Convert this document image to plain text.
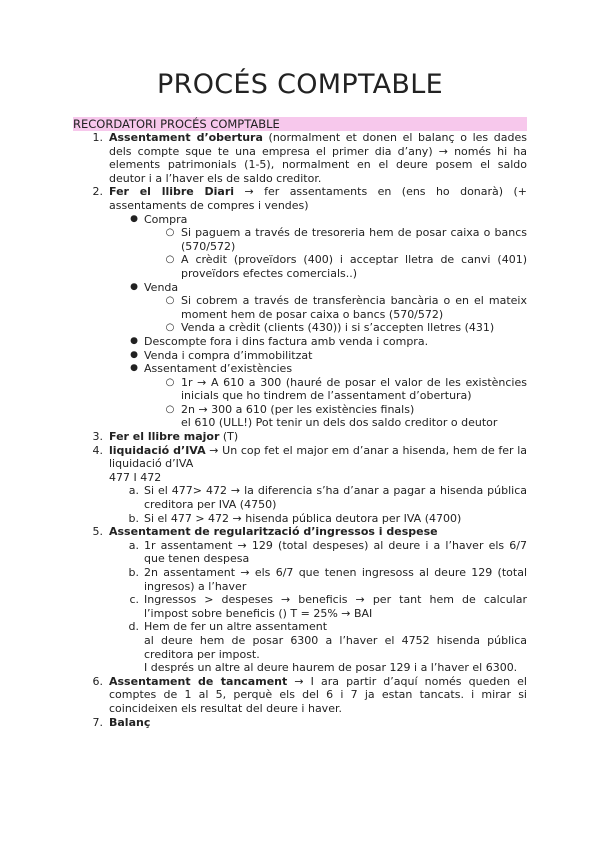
PROCÉS COMPTABLE
RECORDATORI PROCÉS COMPTABLE
1. Assentament d’obertura (normalment et donen el balanç o les dades dels compte sque te una empresa el primer dia d’any) → només hi ha elements patrimonials (1-5), normalment en el deure posem el saldo deutor i a l’haver els de saldo creditor.
2. Fer el llibre Diari → fer assentaments en (ens ho donarà) (+ assentaments de compres i vendes)
● Compra
○ Si paguem a través de tresoreria hem de posar caixa o bancs (570/572)
○ A crèdit (proveïdors (400) i acceptar lletra de canvi (401) proveïdors efectes comercials..)
● Venda
○ Si cobrem a través de transferència bancària o en el mateix moment hem de posar caixa o bancs (570/572)
○ Venda a crèdit (clients (430)) i si s’accepten lletres (431)
● Descompte fora i dins factura amb venda i compra.
● Venda i compra d’immobilitzat
● Assentament d’existències
○ 1r → A 610 a 300 (hauré de posar el valor de les existències inicials que ho tindrem de l’assentament d’obertura)
○ 2n → 300 a 610 (per les existències finals)
el 610 (ULL!) Pot tenir un dels dos saldo creditor o deutor
3. Fer el llibre major (T)
4. liquidació d’IVA → Un cop fet el major em d’anar a hisenda, hem de fer la liquidació d’IVA
477 I 472
a. Si el 477> 472 → la diferencia s’ha d’anar a pagar a hisenda pública creditora per IVA (4750)
b. Si el 477 > 472 → hisenda pública deutora per IVA (4700)
5. Assentament de regularització d’ingressos i despese
a. 1r assentament → 129 (total despeses) al deure i a l’haver els 6/7 que tenen despesa
b. 2n assentament → els 6/7 que tenen ingresoss al deure 129 (total ingresos) a l’haver
c. Ingressos > despeses → beneficis → per tant hem de calcular l’impost sobre beneficis () T = 25% → BAI
d. Hem de fer un altre assentament
al deure hem de posar 6300 a l’haver el 4752 hisenda pública creditora per impost.
I després un altre al deure haurem de posar 129 i a l’haver el 6300.
6. Assentament de tancament → I ara partir d’aquí només queden el comptes de 1 al 5, perquè els del 6 i 7 ja estan tancats. i mirar si coincideixen els resultat del deure i haver.
7. Balanç
